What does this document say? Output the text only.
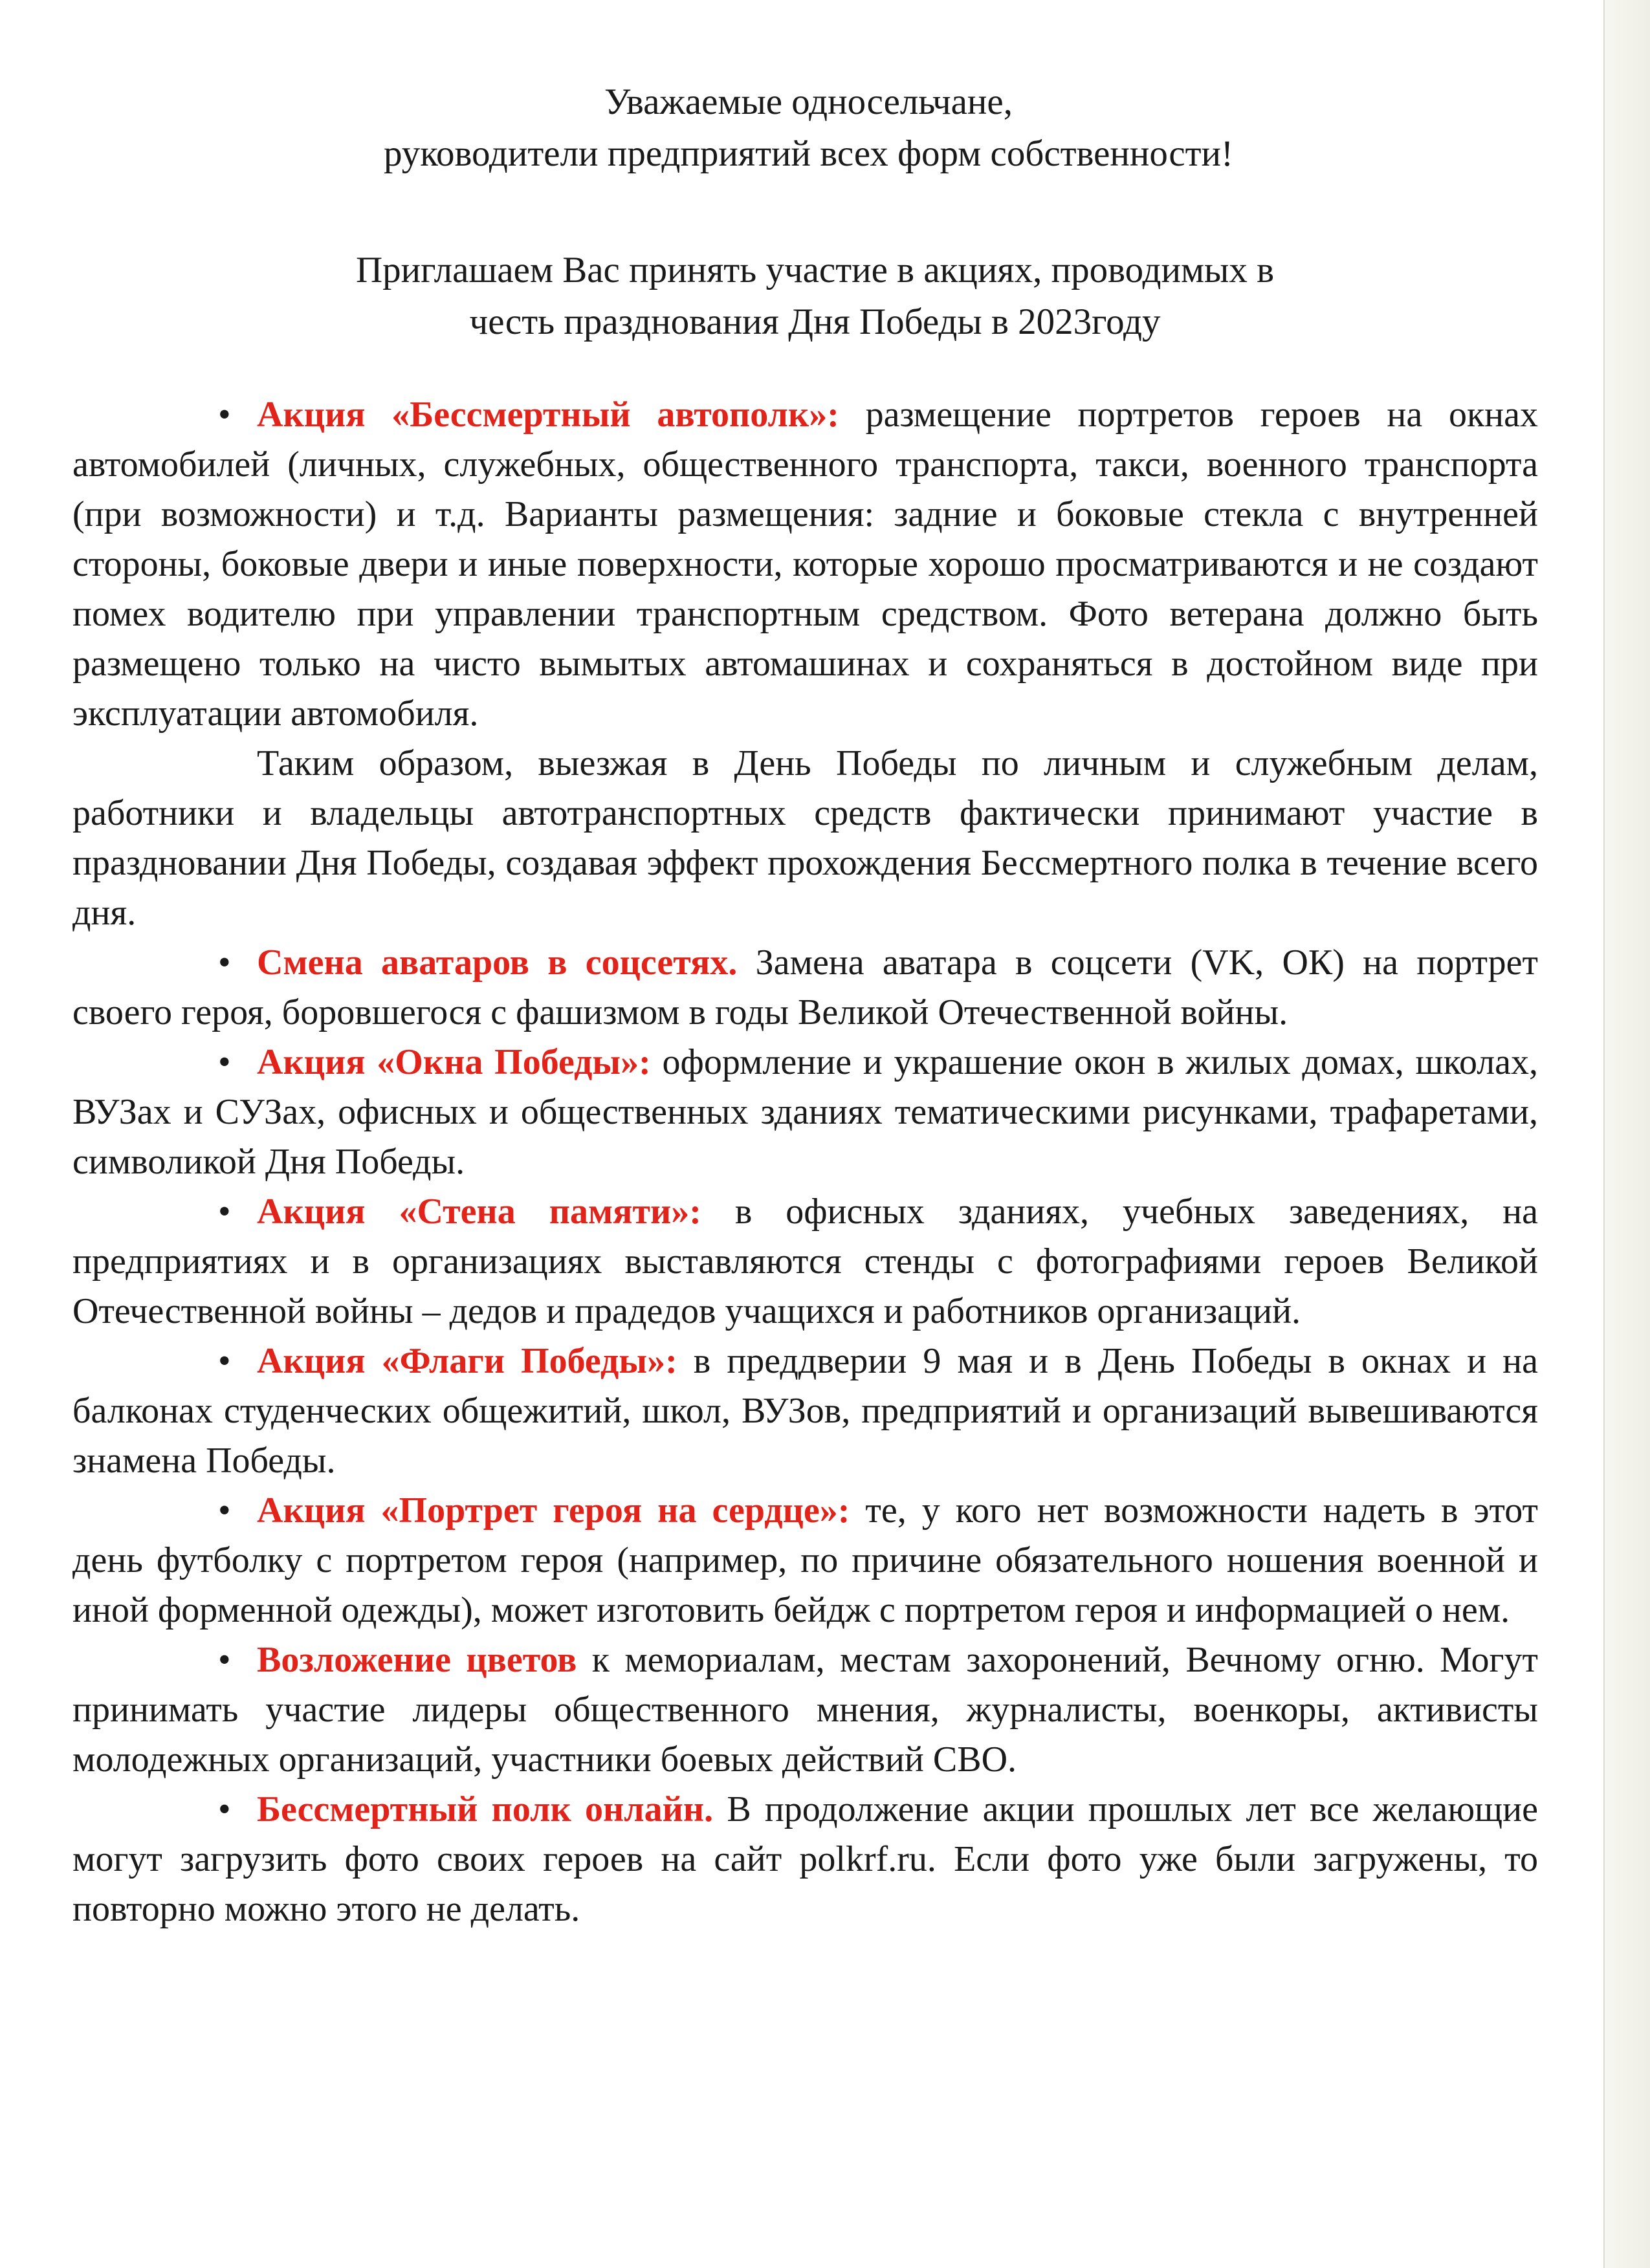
Уважаемые односельчане,
руководители предприятий всех форм собственности!
Приглашаем Вас принять участие в акциях, проводимых в
честь празднования Дня Победы в 2023году

• Акция «Бессмертный автополк»: размещение портретов героев на окнах автомобилей (личных, служебных, общественного транспорта, такси, военного транспорта (при возможности) и т.д. Варианты размещения: задние и боковые стекла с внутренней стороны, боковые двери и иные поверхности, которые хорошо просматриваются и не создают помех водителю при управлении транспортным средством. Фото ветерана должно быть размещено только на чисто вымытых автомашинах и сохраняться в достойном виде при эксплуатации автомобиля.

Таким образом, выезжая в День Победы по личным и служебным делам, работники и владельцы автотранспортных средств фактически принимают участие в праздновании Дня Победы, создавая эффект прохождения Бессмертного полка в течение всего дня.

• Смена аватаров в соцсетях. Замена аватара в соцсети (VK, ОК) на портрет своего героя, боровшегося с фашизмом в годы Великой Отечественной войны.

• Акция «Окна Победы»: оформление и украшение окон в жилых домах, школах, ВУЗах и СУЗах, офисных и общественных зданиях тематическими рисунками, трафаретами, символикой Дня Победы.

• Акция «Стена памяти»: в офисных зданиях, учебных заведениях, на предприятиях и в организациях выставляются стенды с фотографиями героев Великой Отечественной войны – дедов и прадедов учащихся и работников организаций.

• Акция «Флаги Победы»: в преддверии 9 мая и в День Победы в окнах и на балконах студенческих общежитий, школ, ВУЗов, предприятий и организаций вывешиваются знамена Победы.

• Акция «Портрет героя на сердце»: те, у кого нет возможности надеть в этот день футболку с портретом героя (например, по причине обязательного ношения военной и иной форменной одежды), может изготовить бейдж с портретом героя и информацией о нем.

• Возложение цветов к мемориалам, местам захоронений, Вечному огню. Могут принимать участие лидеры общественного мнения, журналисты, военкоры, активисты молодежных организаций, участники боевых действий СВО.

• Бессмертный полк онлайн. В продолжение акции прошлых лет все желающие могут загрузить фото своих героев на сайт polkrf.ru. Если фото уже были загружены, то повторно можно этого не делать.
